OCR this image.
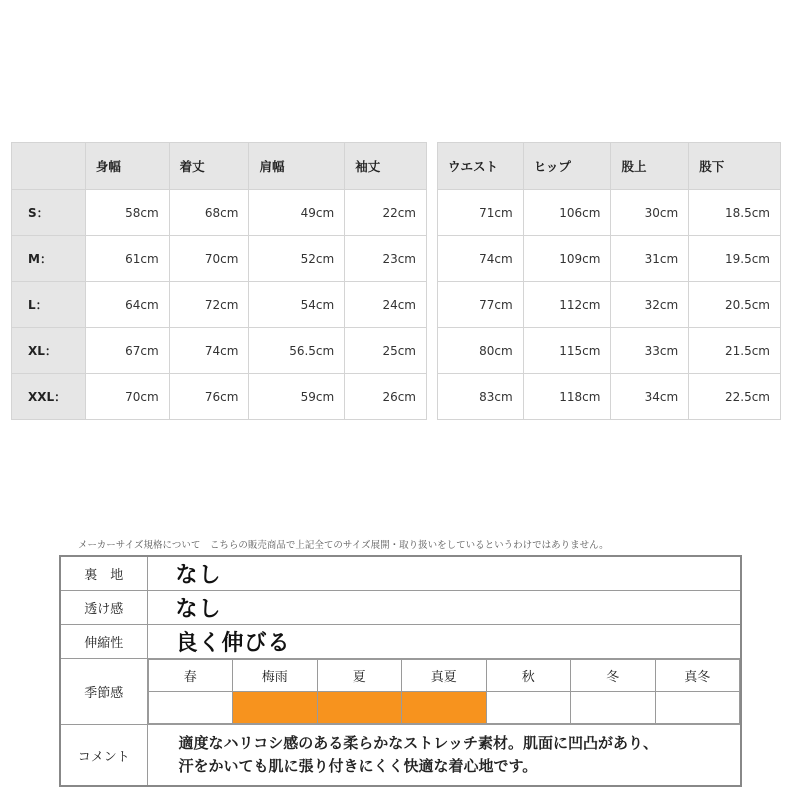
	身幅	着丈	肩幅	袖丈
S：	58cm	68cm	49cm	22cm
M：	61cm	70cm	52cm	23cm
L：	64cm	72cm	54cm	24cm
XL：	67cm	74cm	56.5cm	25cm
XXL：	70cm	76cm	59cm	26cm
ウエスト	ヒップ	股上	股下
71cm	106cm	30cm	18.5cm
74cm	109cm	31cm	19.5cm
77cm	112cm	32cm	20.5cm
80cm	115cm	33cm	21.5cm
83cm	118cm	34cm	22.5cm
メーカーサイズ規格について　こちらの販売商品で上記全てのサイズ展開・取り扱いをしているというわけではありません。
裏　地	なし
透け感	なし
伸縮性	良く伸びる
季節感	
春	梅雨	夏	真夏	秋	冬	真冬

コメント	
適度なハリコシ感のある柔らかなストレッチ素材。肌面に凹凸があり、
汗をかいても肌に張り付きにくく快適な着心地です。
